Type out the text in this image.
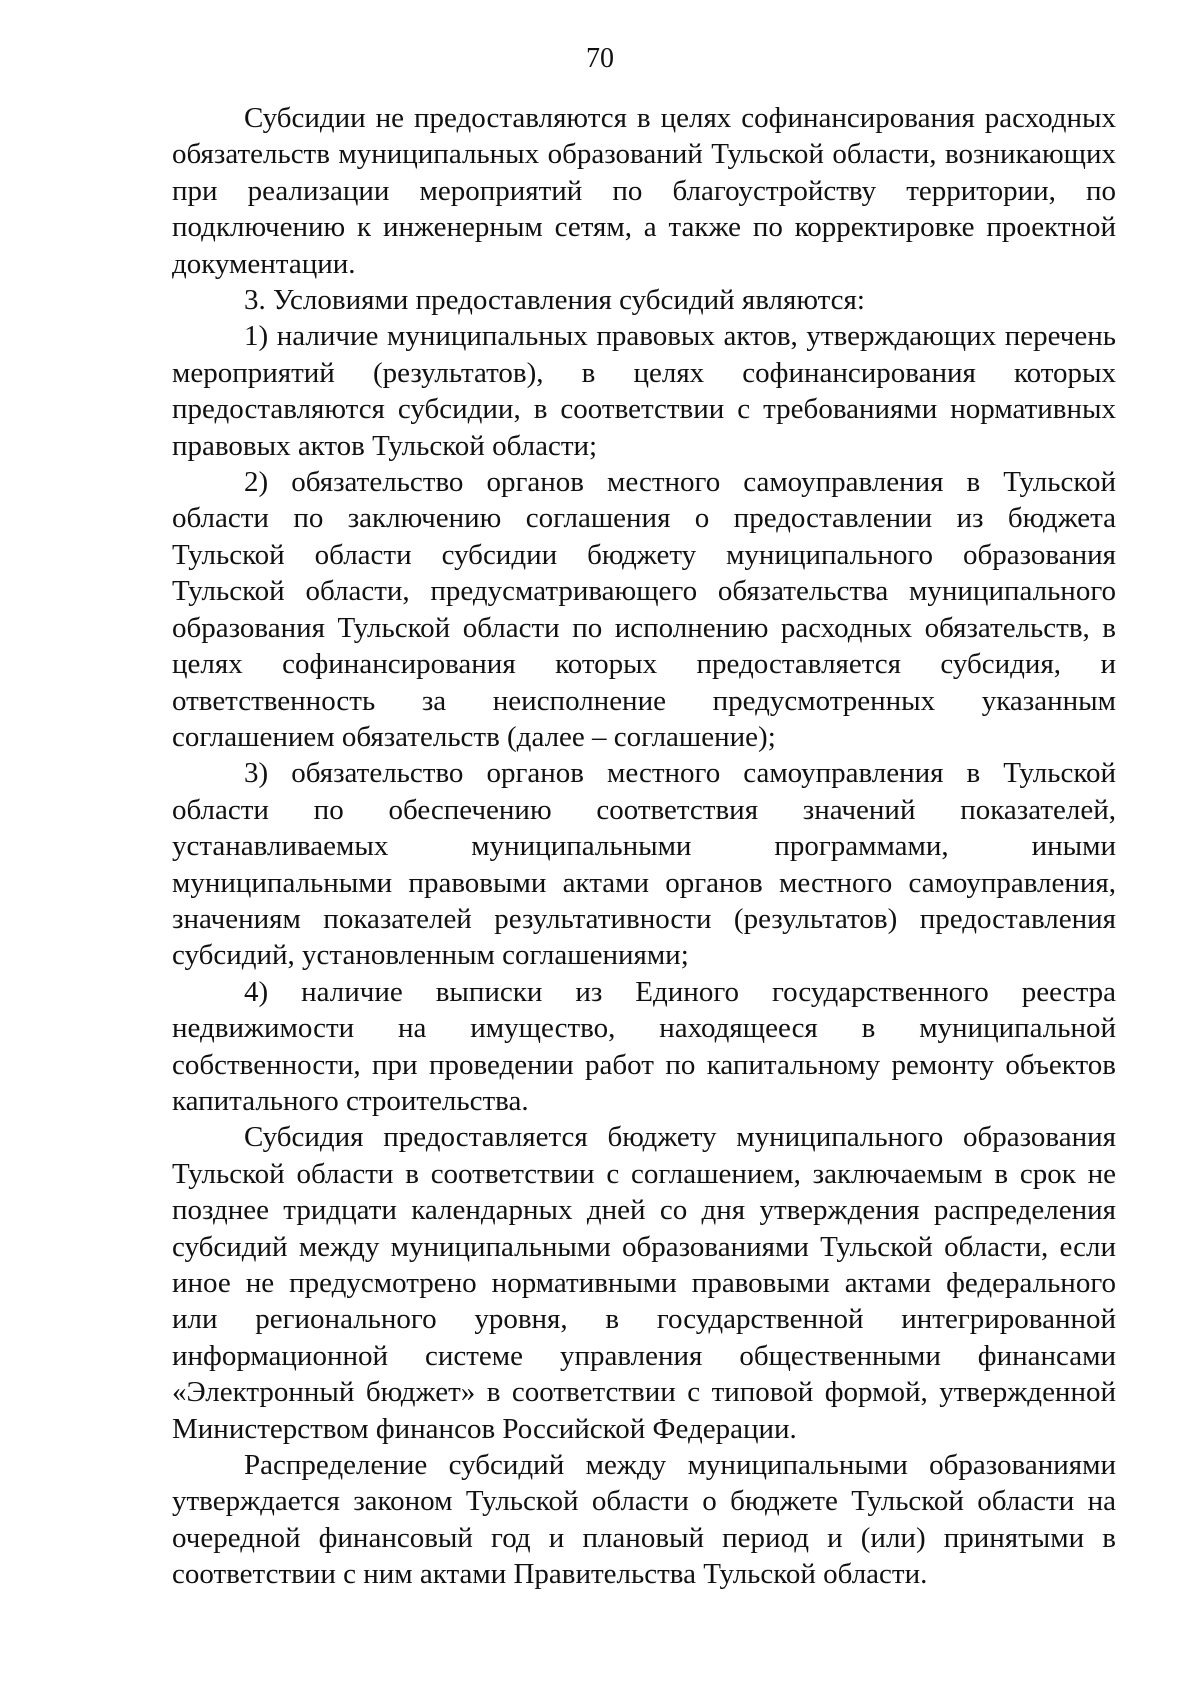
70

Субсидии не предоставляются в целях софинансирования расходных обязательств муниципальных образований Тульской области, возникающих при реализации мероприятий по благоустройству территории, по подключению к инженерным сетям, а также по корректировке проектной документации.

3. Условиями предоставления субсидий являются:

1) наличие муниципальных правовых актов, утверждающих перечень мероприятий (результатов), в целях софинансирования которых предоставляются субсидии, в соответствии с требованиями нормативных правовых актов Тульской области;

2) обязательство органов местного самоуправления в Тульской области по заключению соглашения о предоставлении из бюджета Тульской области субсидии бюджету муниципального образования Тульской области, предусматривающего обязательства муниципального образования Тульской области по исполнению расходных обязательств, в целях софинансирования которых предоставляется субсидия, и ответственность за неисполнение предусмотренных указанным соглашением обязательств (далее – соглашение);

3) обязательство органов местного самоуправления в Тульской области по обеспечению соответствия значений показателей, устанавливаемых муниципальными программами, иными муниципальными правовыми актами органов местного самоуправления, значениям показателей результативности (результатов) предоставления субсидий, установленным соглашениями;

4) наличие выписки из Единого государственного реестра недвижимости на имущество, находящееся в муниципальной собственности, при проведении работ по капитальному ремонту объектов капитального строительства.

Субсидия предоставляется бюджету муниципального образования Тульской области в соответствии с соглашением, заключаемым в срок не позднее тридцати календарных дней со дня утверждения распределения субсидий между муниципальными образованиями Тульской области, если иное не предусмотрено нормативными правовыми актами федерального или регионального уровня, в государственной интегрированной информационной системе управления общественными финансами «Электронный бюджет» в соответствии с типовой формой, утвержденной Министерством финансов Российской Федерации.

Распределение субсидий между муниципальными образованиями утверждается законом Тульской области о бюджете Тульской области на очередной финансовый год и плановый период и (или) принятыми в соответствии с ним актами Правительства Тульской области.
